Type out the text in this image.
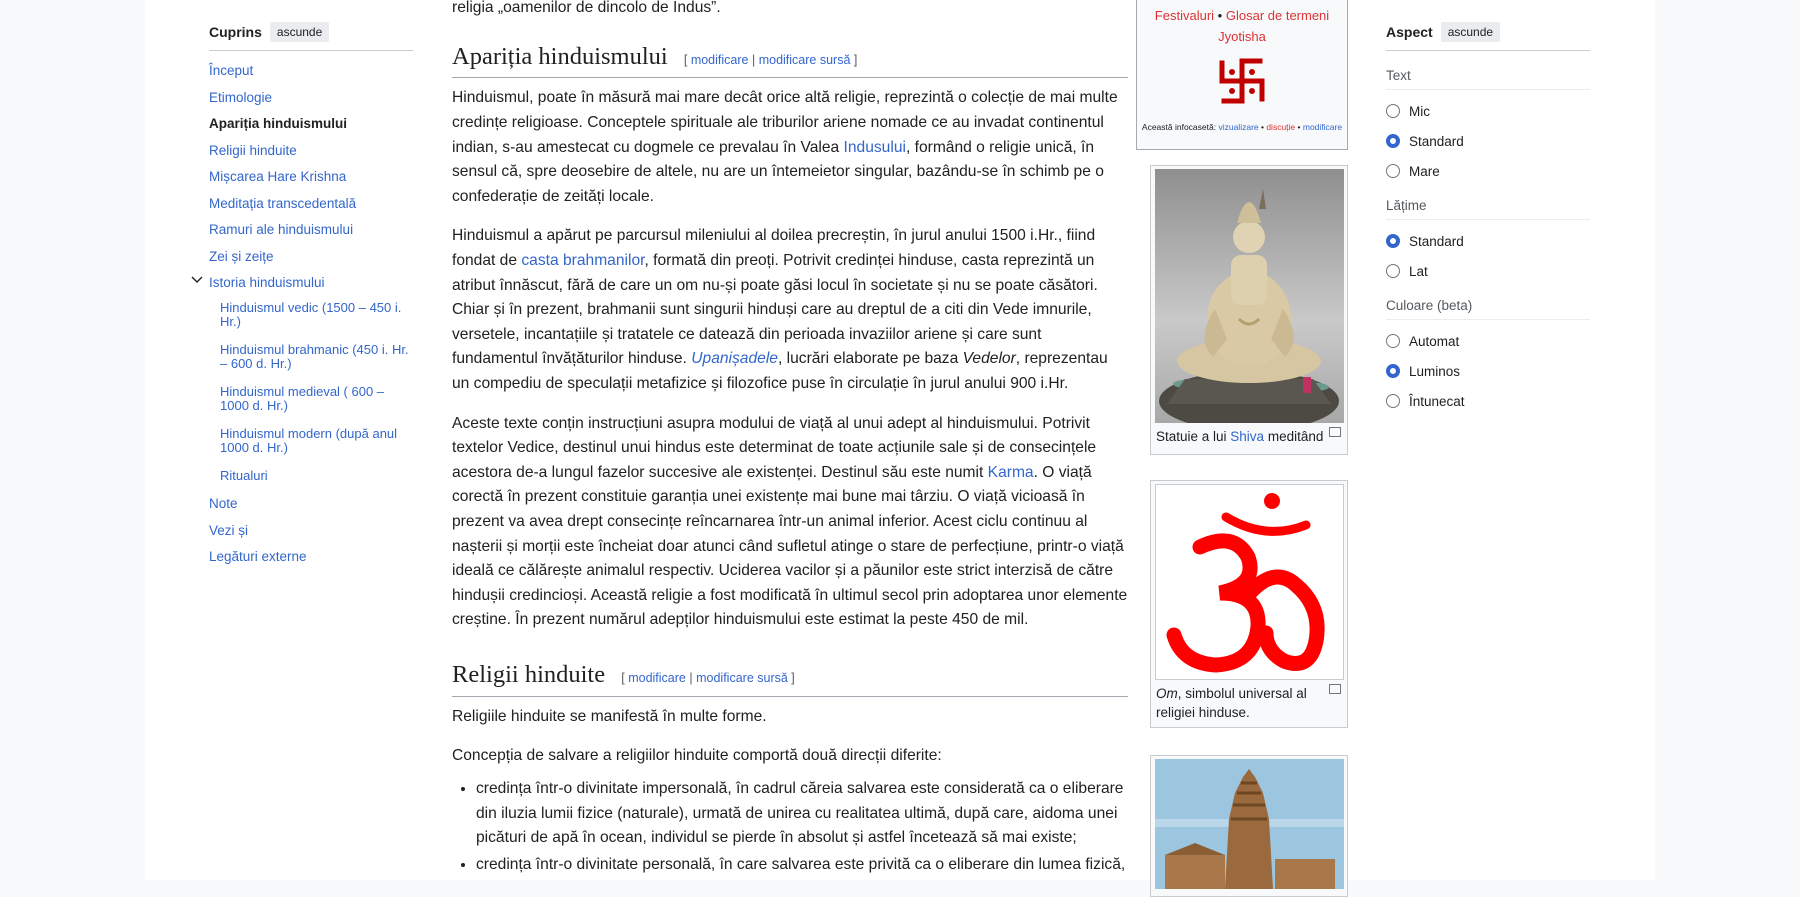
Cuprins	ascunde
Început
Etimologie
Apariția hinduismului
Religii hinduite
Mișcarea Hare Krishna
Meditația transcedentală
Ramuri ale hinduismului
Zei și zeițe
Istoria hinduismului
Hinduismul vedic (1500 – 450 i. Hr.)
Hinduismul brahmanic (450 i. Hr. – 600 d. Hr.)
Hinduismul medieval ( 600 – 1000 d. Hr.)
Hinduismul modern (după anul 1000 d. Hr.)
Ritualuri
Note
Vezi și
Legături externe

religia „oamenilor de dincolo de Indus”.

Apariția hinduismului [ modificare | modificare sursă ]

Hinduismul, poate în măsură mai mare decât orice altă religie, reprezintă o colecție de mai multe credințe religioase. Conceptele spirituale ale triburilor ariene nomade ce au invadat continentul indian, s-au amestecat cu dogmele ce prevalau în Valea Indusului, formând o religie unică, în sensul că, spre deosebire de altele, nu are un întemeietor singular, bazându-se în schimb pe o confederație de zeități locale.

Hinduismul a apărut pe parcursul mileniului al doilea precreștin, în jurul anului 1500 i.Hr., fiind fondat de casta brahmanilor, formată din preoți. Potrivit credinței hinduse, casta reprezintă un atribut înnăscut, fără de care un om nu-și poate găsi locul în societate și nu se poate căsători. Chiar și în prezent, brahmanii sunt singurii hinduși care au dreptul de a citi din Vede imnurile, versetele, incantațiile și tratatele ce datează din perioada invaziilor ariene și care sunt fundamentul învățăturilor hinduse. Upanișadele, lucrări elaborate pe baza Vedelor, reprezentau un compediu de speculații metafizice și filozofice puse în circulație în jurul anului 900 i.Hr.

Aceste texte conțin instrucțiuni asupra modului de viață al unui adept al hinduismului. Potrivit textelor Vedice, destinul unui hindus este determinat de toate acțiunile sale și de consecințele acestora de-a lungul fazelor succesive ale existenței. Destinul său este numit Karma. O viață corectă în prezent constituie garanția unei existențe mai bune mai târziu. O viață vicioasă în prezent va avea drept consecințe reîncarnarea într-un animal inferior. Acest ciclu continuu al nașterii și morții este încheiat doar atunci când sufletul atinge o stare de perfecțiune, printr-o viață ideală ce călărește animalul respectiv. Uciderea vacilor și a păunilor este strict interzisă de către hindușii credincioși. Această religie a fost modificată în ultimul secol prin adoptarea unor elemente creștine. În prezent numărul adepților hinduismului este estimat la peste 450 de mil.

Religii hinduite [ modificare | modificare sursă ]

Religiile hinduite se manifestă în multe forme.

Concepția de salvare a religiilor hinduite comportă două direcții diferite:

• credința într-o divinitate impersonală, în cadrul căreia salvarea este considerată ca o eliberare din iluzia lumii fizice (naturale), urmată de unirea cu realitatea ultimă, după care, aidoma unei picături de apă în ocean, individul se pierde în absolut și astfel încetează să mai existe;
• credința într-o divinitate personală, în care salvarea este privită ca o eliberare din lumea fizică,
Festivaluri • Glosar de termeni
Jyotisha
Această infocasetă: vizualizare • discuție • modificare
Statuie a lui Shiva meditând
Om, simbolul universal al religiei hinduse.
Aspect	ascunde
Text
Mic
Standard
Mare
Lățime
Standard
Lat
Culoare (beta)
Automat
Luminos
Întunecat
